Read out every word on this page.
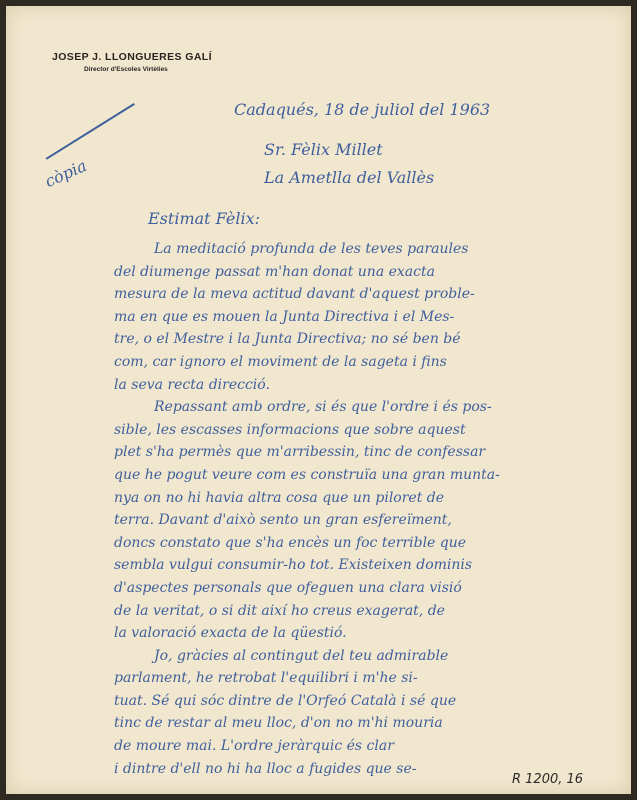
JOSEP J. LLONGUERES GALÍ
Director d'Escoles Virtèlies
còpia
Cadaqués, 18 de juliol del 1963
Sr. Fèlix Millet
La Ametlla del Vallès
Estimat Fèlix:
La meditació profunda de les teves paraules
del diumenge passat m'han donat una exacta
mesura de la meva actitud davant d'aquest proble-
ma en que es mouen la Junta Directiva i el Mes-
tre, o el Mestre i la Junta Directiva; no sé ben bé
com, car ignoro el moviment de la sageta i fins
la seva recta direcció.
Repassant amb ordre, si és que l'ordre i és pos-
sible, les escasses informacions que sobre aquest
plet s'ha permès que m'arribessin, tinc de confessar
que he pogut veure com es construïa una gran munta-
nya on no hi havia altra cosa que un piloret de
terra. Davant d'això sento un gran esfereïment,
doncs constato que s'ha encès un foc terrible que
sembla vulgui consumir-ho tot. Existeixen dominis
d'aspectes personals que ofeguen una clara visió
de la veritat, o si dit així ho creus exagerat, de
la valoració exacta de la qüestió.
Jo, gràcies al contingut del teu admirable
parlament, he retrobat l'equilibri i m'he si-
tuat. Sé qui sóc dintre de l'Orfeó Català i sé que
tinc de restar al meu lloc, d'on no m'hi mouria
de moure mai. L'ordre jeràrquic és clar
i dintre d'ell no hi ha lloc a fugides que se-
R 1200, 16
